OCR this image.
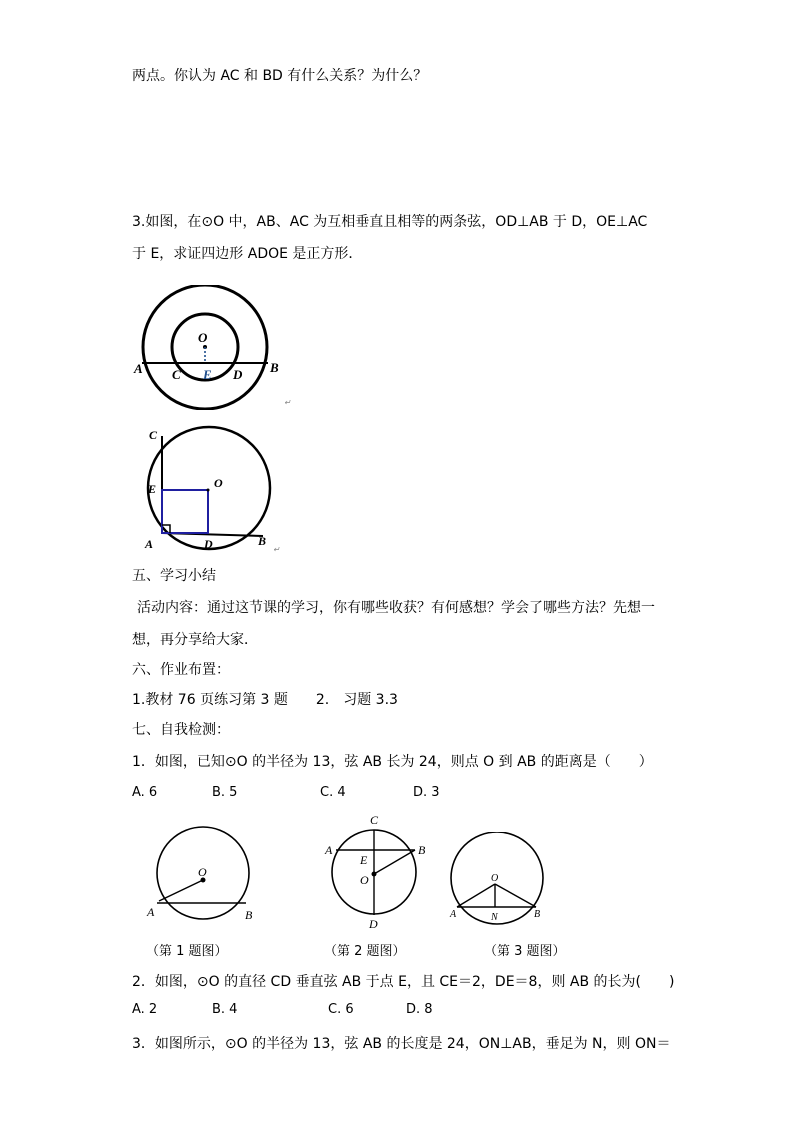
两点。你认为 AC 和 BD 有什么关系？为什么？
3.如图，在⊙O 中，AB、AC 为互相垂直且相等的两条弦，OD⊥AB 于 D，OE⊥AC
于 E，求证四边形 ADOE 是正方形．
O
A C E D B
↵
C
E	O
A	D	B
↵
五、学习小结
活动内容：通过这节课的学习，你有哪些收获？有何感想？学会了哪些方法？先想一
想，再分享给大家．
六、作业布置：
1.教材 76 页练习第 3 题　　2.　习题 3.3
七、自我检测：
1．如图，已知⊙O 的半径为 13，弦 AB 长为 24，则点 O 到 AB 的距离是（　　）
A. 6	B. 5	C. 4	D. 3
O
A	B
C
A	B
E
O
D
O
A	N	B
（第 1 题图）	（第 2 题图）	（第 3 题图）
2．如图，⊙O 的直径 CD 垂直弦 AB 于点 E，且 CE＝2，DE＝8，则 AB 的长为(　　)
A. 2	B. 4	C. 6	D. 8
3．如图所示，⊙O 的半径为 13，弦 AB 的长度是 24，ON⊥AB，垂足为 N，则 ON＝
